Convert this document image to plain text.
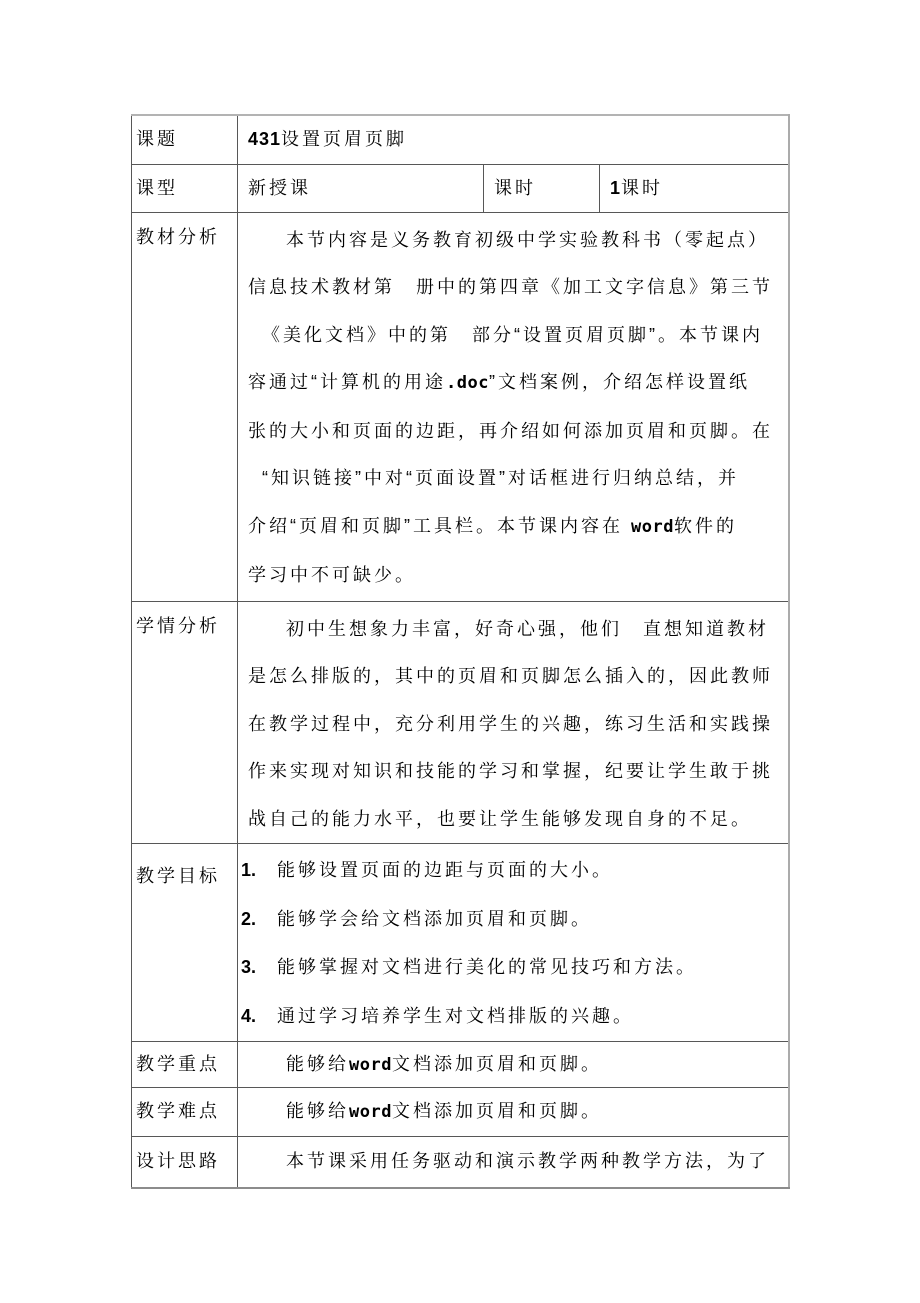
课题	431设置页眉页脚		
课型	新授课	课时	1课时
教材分析	本节内容是义务教育初级中学实验教科书（零起点）
信息技术教材第　册中的第四章《加工文字信息》第三节
《美化文档》中的第　部分“设置页眉页脚”。本节课内
容通过“计算机的用途.doc”文档案例，介绍怎样设置纸
张的大小和页面的边距，再介绍如何添加页眉和页脚。在
“知识链接”中对“页面设置”对话框进行归纳总结，并
介绍“页眉和页脚”工具栏。本节课内容在 word软件的
学习中不可缺少。

学情分析	初中生想象力丰富，好奇心强，他们　直想知道教材
是怎么排版的，其中的页眉和页脚怎么插入的，因此教师
在教学过程中，充分利用学生的兴趣，练习生活和实践操
作来实现对知识和技能的学习和掌握，纪要让学生敢于挑
战自己的能力水平，也要让学生能够发现自身的不足。		

教学目标	1. 能够设置页面的边距与页面的大小。
2. 能够学会给文档添加页眉和页脚。
3. 能够掌握对文档进行美化的常见技巧和方法。
4. 通过学习培养学生对文档排版的兴趣。		

教学重点	能够给word文档添加页眉和页脚。		
教学难点	能够给word文档添加页眉和页脚。		
设计思路	本节课采用任务驱动和演示教学两种教学方法，为了		
